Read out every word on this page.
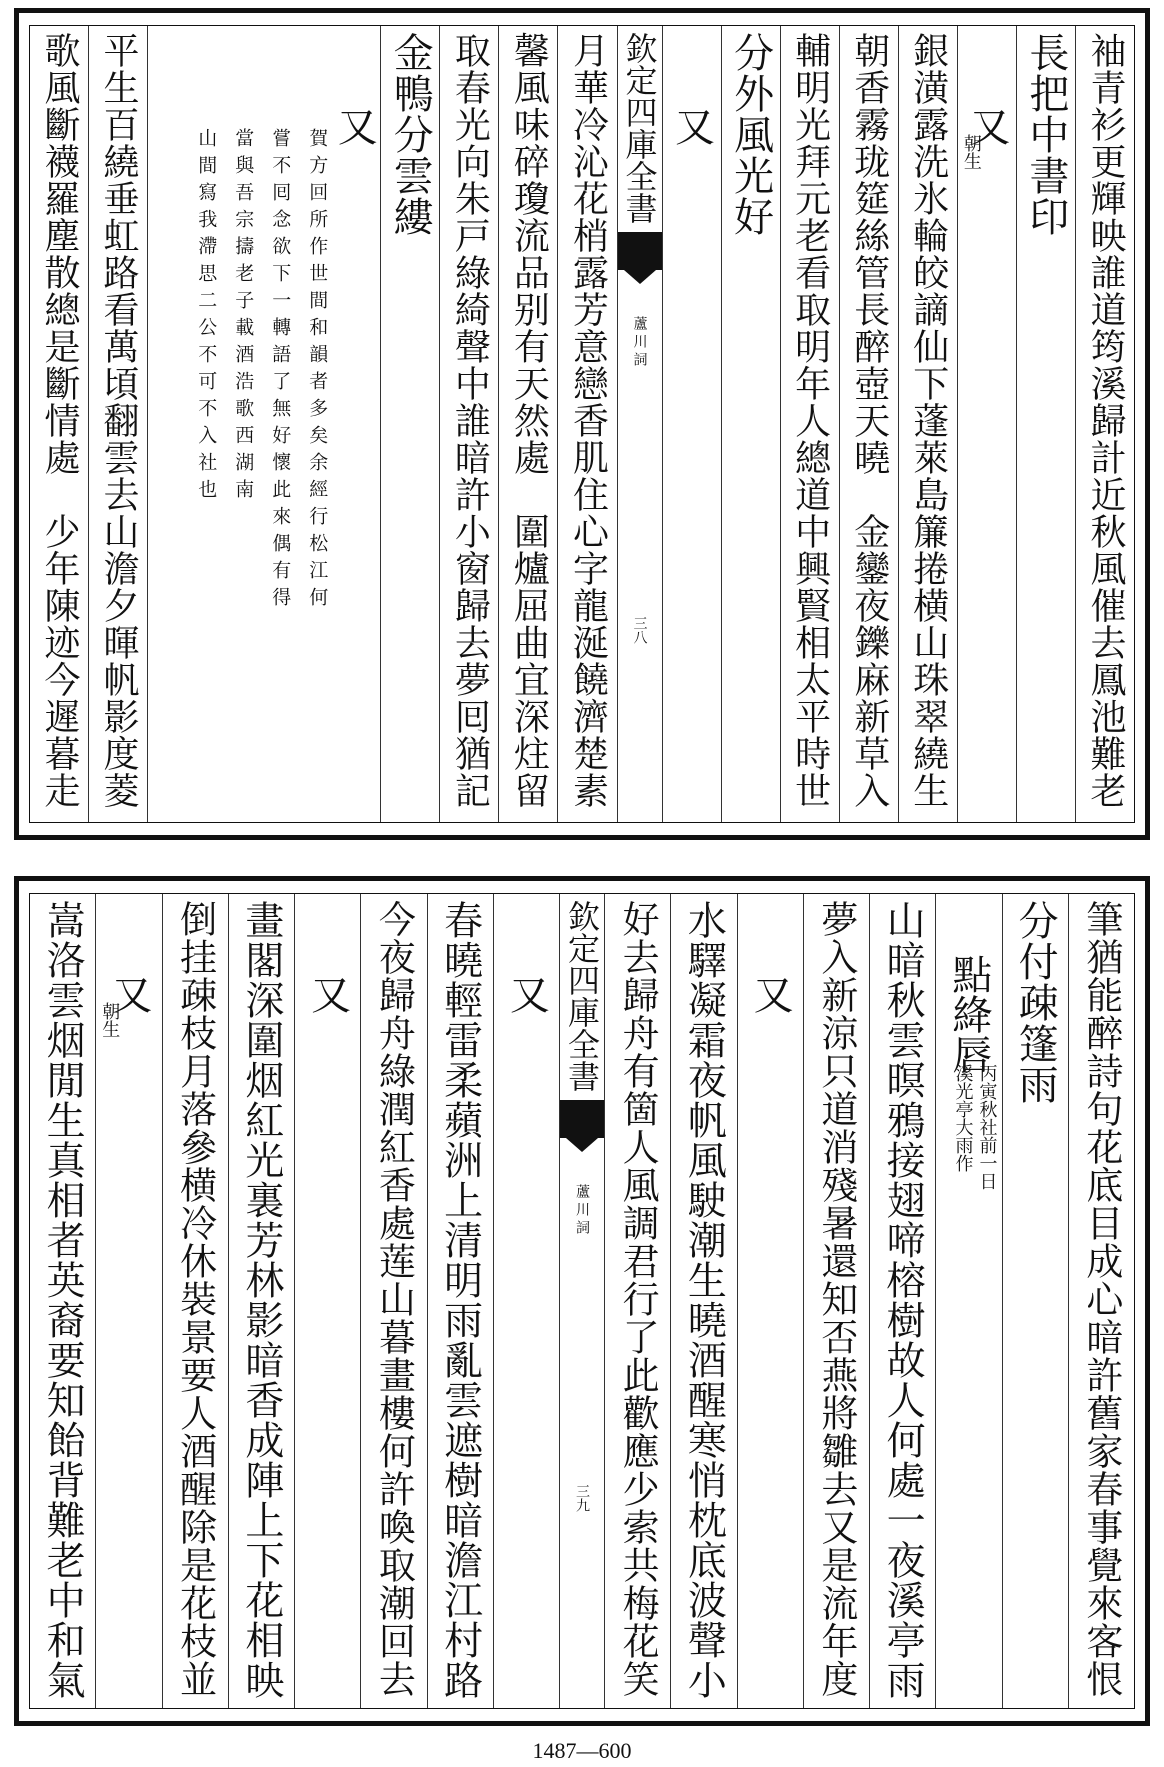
袖青衫更輝映誰道筠溪歸計近秋風催去鳳池難老
長把中書印
又
朝生
銀潢露洗氷輪皎謫仙下蓬萊島簾捲横山珠翠繞生
朝香霧珑筵絲管長醉壺天曉　金鑾夜鑠麻新草入
輔明光拜元老看取明年人總道中興賢相太平時世
分外風光好
又
欽定四庫全書
蘆川詞
三八
月華冷沁花梢露芳意戀香肌住心字龍涎饒濟楚素
馨風味碎瓊流品别有天然處　圍爐屈曲宜深炷留
取春光向朱戸綠綺聲中誰暗許小窗歸去夢囘猶記
金鴨分雲縷
又
賀方回所作世間和韻者多矣余經行松江何
嘗不囘念欲下一轉語了無好懷此來偶有得
當與吾宗擣老子載酒浩歌西湖南
山間寫我滯思二公不可不入社也
平生百繞垂虹路看萬頃翻雲去山澹夕暉帆影度菱
歌風斷襪羅塵散總是斷情處　少年陳迹今遲暮走
筆猶能醉詩句花底目成心暗許舊家春事覺來客恨
分付疎篷雨
點絳唇
溪光亭大雨作 丙寅秋社前一日
山暗秋雲暝鴉接翅啼榕樹故人何處一夜溪亭雨
夢入新涼只道消殘暑還知否燕將雛去又是流年度
又
水驛凝霜夜帆風駛潮生曉酒醒寒悄枕底波聲小
好去歸舟有箇人風調君行了此歡應少索共梅花笑
欽定四庫全書
蘆川詞
三九
又
春曉輕雷柔蘋洲上清明雨亂雲遮樹暗澹江村路
今夜歸舟綠潤紅香處莲山暮畫樓何許喚取潮回去
又
畫閣深圍烟紅光裏芳林影暗香成陣上下花相映
倒挂疎枝月落參横冷休裝景要人酒醒除是花枝並
又
朝生
嵩洛雲烟閒生真相者英裔要知飴背難老中和氣
1487—600
